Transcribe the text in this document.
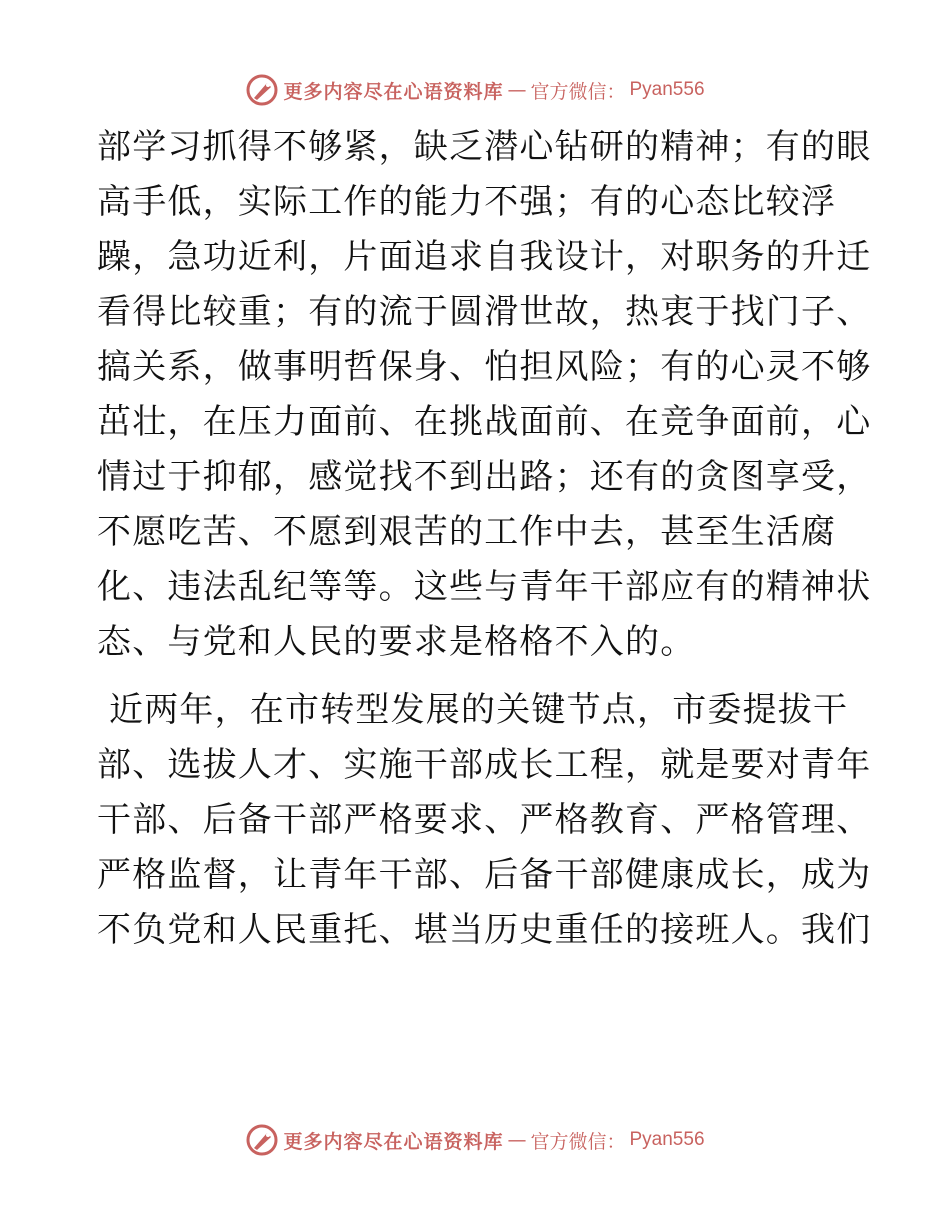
更多内容尽在心语资料库 — 官方微信： Pyan556
部学习抓得不够紧，缺乏潜心钻研的精神；有的眼
高手低，实际工作的能力不强；有的心态比较浮
躁，急功近利，片面追求自我设计，对职务的升迁
看得比较重；有的流于圆滑世故，热衷于找门子、
搞关系，做事明哲保身、怕担风险；有的心灵不够
茁壮，在压力面前、在挑战面前、在竞争面前，心
情过于抑郁，感觉找不到出路；还有的贪图享受，
不愿吃苦、不愿到艰苦的工作中去，甚至生活腐
化、违法乱纪等等。这些与青年干部应有的精神状
态、与党和人民的要求是格格不入的。
近两年，在市转型发展的关键节点，市委提拔干
部、选拔人才、实施干部成长工程，就是要对青年
干部、后备干部严格要求、严格教育、严格管理、
严格监督，让青年干部、后备干部健康成长，成为
不负党和人民重托、堪当历史重任的接班人。我们
更多内容尽在心语资料库 — 官方微信： Pyan556
